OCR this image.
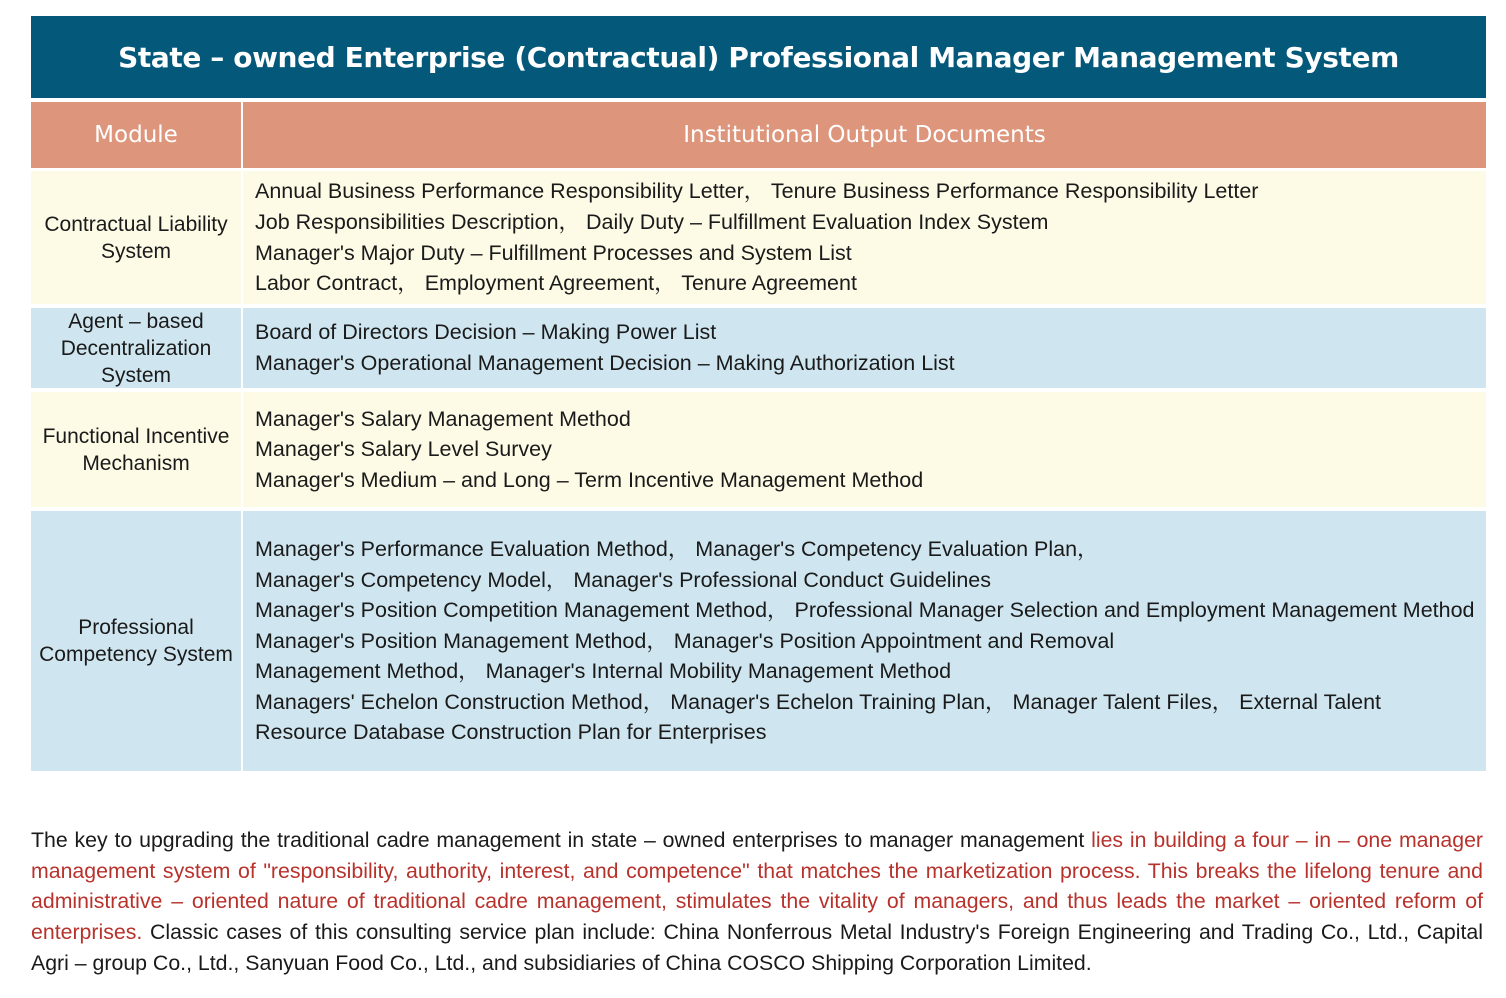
State – owned Enterprise (Contractual) Professional Manager Management System
Module	Institutional Output Documents
Contractual Liability System
Annual Business Performance Responsibility Letter， Tenure Business Performance Responsibility Letter
Job Responsibilities Description， Daily Duty – Fulfillment Evaluation Index System
Manager's Major Duty – Fulfillment Processes and System List
Labor Contract， Employment Agreement， Tenure Agreement
Agent – based Decentralization System
Board of Directors Decision – Making Power List
Manager's Operational Management Decision – Making Authorization List
Functional Incentive Mechanism
Manager's Salary Management Method
Manager's Salary Level Survey
Manager's Medium – and Long – Term Incentive Management Method
Professional Competency System
Manager's Performance Evaluation Method， Manager's Competency Evaluation Plan，
Manager's Competency Model， Manager's Professional Conduct Guidelines
Manager's Position Competition Management Method， Professional Manager Selection and Employment Management Method
Manager's Position Management Method， Manager's Position Appointment and Removal
Management Method， Manager's Internal Mobility Management Method
Managers' Echelon Construction Method， Manager's Echelon Training Plan， Manager Talent Files， External Talent Resource Database Construction Plan for Enterprises

The key to upgrading the traditional cadre management in state – owned enterprises to manager management lies in building a four – in – one manager management system of "responsibility, authority, interest, and competence" that matches the marketization process. This breaks the lifelong tenure and administrative – oriented nature of traditional cadre management, stimulates the vitality of managers, and thus leads the market – oriented reform of enterprises. Classic cases of this consulting service plan include: China Nonferrous Metal Industry's Foreign Engineering and Trading Co., Ltd., Capital Agri – group Co., Ltd., Sanyuan Food Co., Ltd., and subsidiaries of China COSCO Shipping Corporation Limited.
